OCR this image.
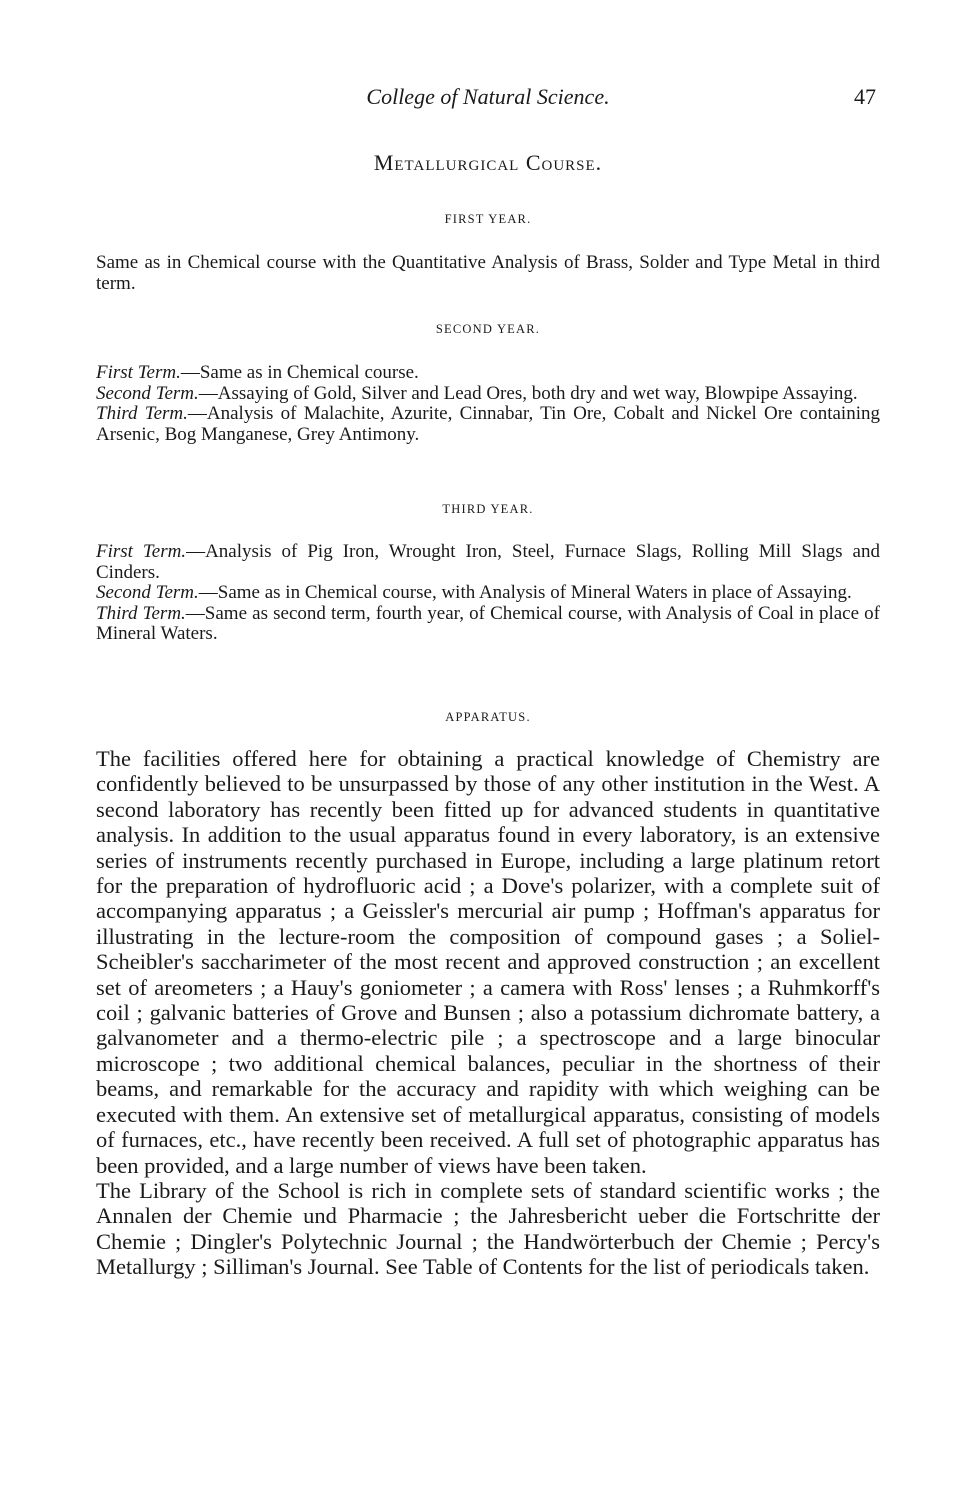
College of Natural Science.	47
Metallurgical Course.
FIRST YEAR.

Same as in Chemical course with the Quantitative Analysis of Brass, Solder and Type Metal in third term.

SECOND YEAR.

First Term.—Same as in Chemical course.

Second Term.—Assaying of Gold, Silver and Lead Ores, both dry and wet way, Blowpipe Assaying.

Third Term.—Analysis of Malachite, Azurite, Cinnabar, Tin Ore, Cobalt and Nickel Ore containing Arsenic, Bog Manganese, Grey Antimony.

THIRD YEAR.

First Term.—Analysis of Pig Iron, Wrought Iron, Steel, Furnace Slags, Rolling Mill Slags and Cinders.

Second Term.—Same as in Chemical course, with Analysis of Mineral Waters in place of Assaying.

Third Term.—Same as second term, fourth year, of Chemical course, with Analysis of Coal in place of Mineral Waters.

APPARATUS.

The facilities offered here for obtaining a practical knowledge of Chemistry are confidently believed to be unsurpassed by those of any other institution in the West. A second laboratory has recently been fitted up for advanced students in quantitative analysis. In addition to the usual apparatus found in every laboratory, is an extensive series of instruments recently purchased in Europe, including a large platinum retort for the preparation of hydrofluoric acid ; a Dove's polarizer, with a complete suit of accompanying apparatus ; a Geissler's mercurial air pump ; Hoffman's apparatus for illustrating in the lecture-room the composition of compound gases ; a Soliel-Scheibler's saccharimeter of the most recent and approved construction ; an excellent set of areometers ; a Hauy's goniometer ; a camera with Ross' lenses ; a Ruhmkorff's coil ; galvanic batteries of Grove and Bunsen ; also a potassium dichromate battery, a galvanometer and a thermo-electric pile ; a spectroscope and a large binocular microscope ; two additional chemical balances, peculiar in the shortness of their beams, and remarkable for the accuracy and rapidity with which weighing can be executed with them. An extensive set of metallurgical apparatus, consisting of models of furnaces, etc., have recently been received. A full set of photographic apparatus has been provided, and a large number of views have been taken.

The Library of the School is rich in complete sets of standard scientific works ; the Annalen der Chemie und Pharmacie ; the Jahresbericht ueber die Fortschritte der Chemie ; Dingler's Polytechnic Journal ; the Handwörterbuch der Chemie ; Percy's Metallurgy ; Silliman's Journal. See Table of Contents for the list of periodicals taken.
